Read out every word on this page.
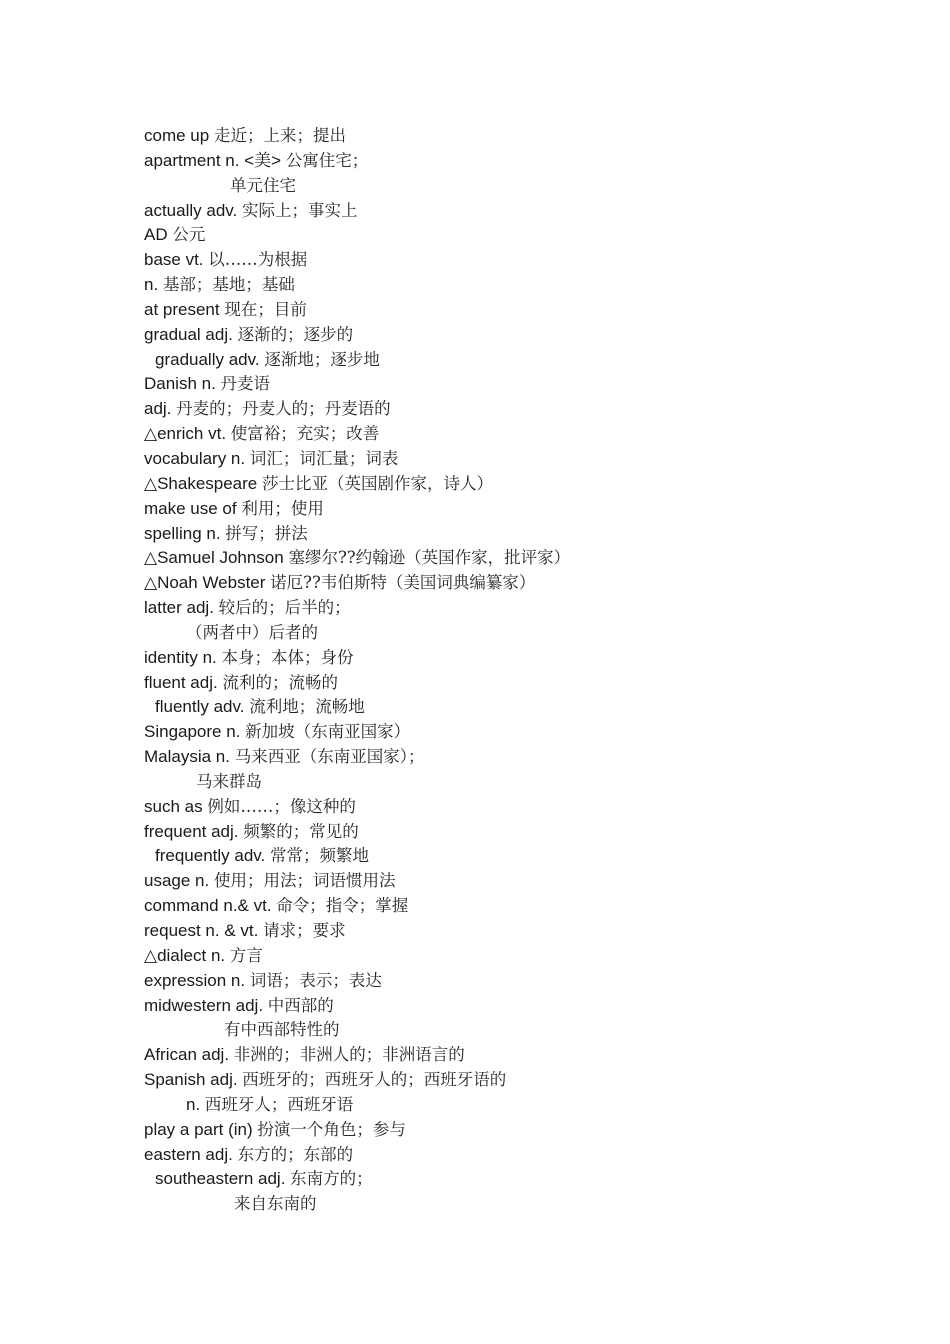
come up 走近；上来；提出
apartment n. <美> 公寓住宅；
单元住宅
actually adv. 实际上；事实上
AD 公元
base vt. 以……为根据
n. 基部；基地；基础
at present 现在；目前
gradual adj. 逐渐的；逐步的
gradually adv. 逐渐地；逐步地
Danish n. 丹麦语
adj. 丹麦的；丹麦人的；丹麦语的
△enrich vt. 使富裕；充实；改善
vocabulary n. 词汇；词汇量；词表
△Shakespeare 莎士比亚（英国剧作家，诗人）
make use of 利用；使用
spelling n. 拼写；拼法
△Samuel Johnson 塞缪尔??约翰逊（英国作家，批评家）
△Noah Webster 诺厄??韦伯斯特（美国词典编纂家）
latter adj. 较后的；后半的；
（两者中）后者的
identity n. 本身；本体；身份
fluent adj. 流利的；流畅的
fluently adv. 流利地；流畅地
Singapore n. 新加坡（东南亚国家）
Malaysia n. 马来西亚（东南亚国家）；
马来群岛
such as 例如……；像这种的
frequent adj. 频繁的；常见的
frequently adv. 常常；频繁地
usage n. 使用；用法；词语惯用法
command n.& vt. 命令；指令；掌握
request n. & vt. 请求；要求
△dialect n. 方言
expression n. 词语；表示；表达
midwestern adj. 中西部的
有中西部特性的
African adj. 非洲的；非洲人的；非洲语言的
Spanish adj. 西班牙的；西班牙人的；西班牙语的
n. 西班牙人；西班牙语
play a part (in) 扮演一个角色；参与
eastern adj. 东方的；东部的
southeastern adj. 东南方的；
来自东南的
